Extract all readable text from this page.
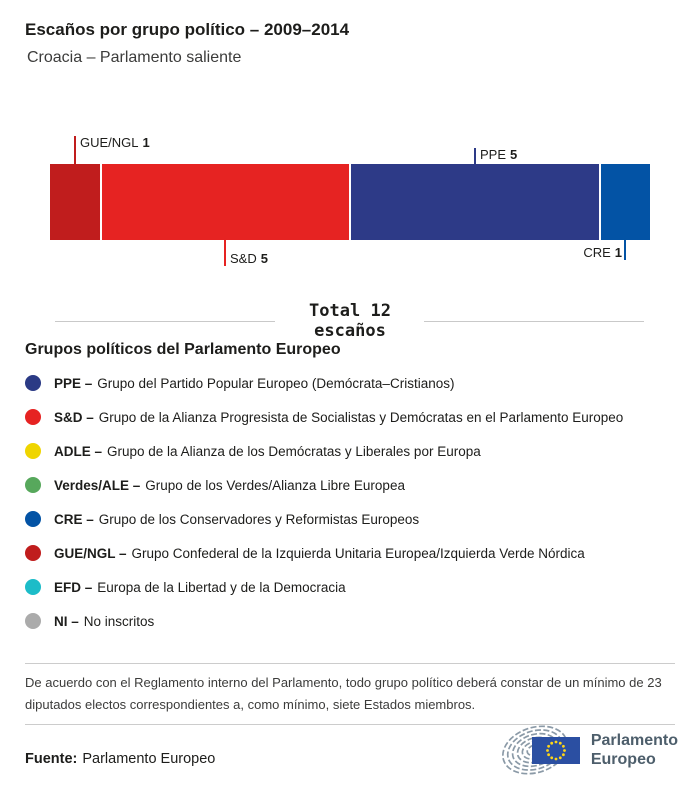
Escaños por grupo político – 2009–2014
Croacia – Parlamento saliente
GUE/NGL 1
S&D 5
PPE 5
CRE 1
Total 12
escaños
Grupos políticos del Parlamento Europeo
PPE – Grupo del Partido Popular Europeo (Demócrata–Cristianos)
S&D – Grupo de la Alianza Progresista de Socialistas y Demócratas en el Parlamento Europeo
ADLE – Grupo de la Alianza de los Demócratas y Liberales por Europa
Verdes/ALE – Grupo de los Verdes/Alianza Libre Europea
CRE – Grupo de los Conservadores y Reformistas Europeos
GUE/NGL – Grupo Confederal de la Izquierda Unitaria Europea/Izquierda Verde Nórdica
EFD – Europa de la Libertad y de la Democracia
NI – No inscritos
De acuerdo con el Reglamento interno del Parlamento, todo grupo político deberá constar de un mínimo de 23 diputados electos correspondientes a, como mínimo, siete Estados miembros.
Fuente: Parlamento Europeo
Parlamento
Europeo
